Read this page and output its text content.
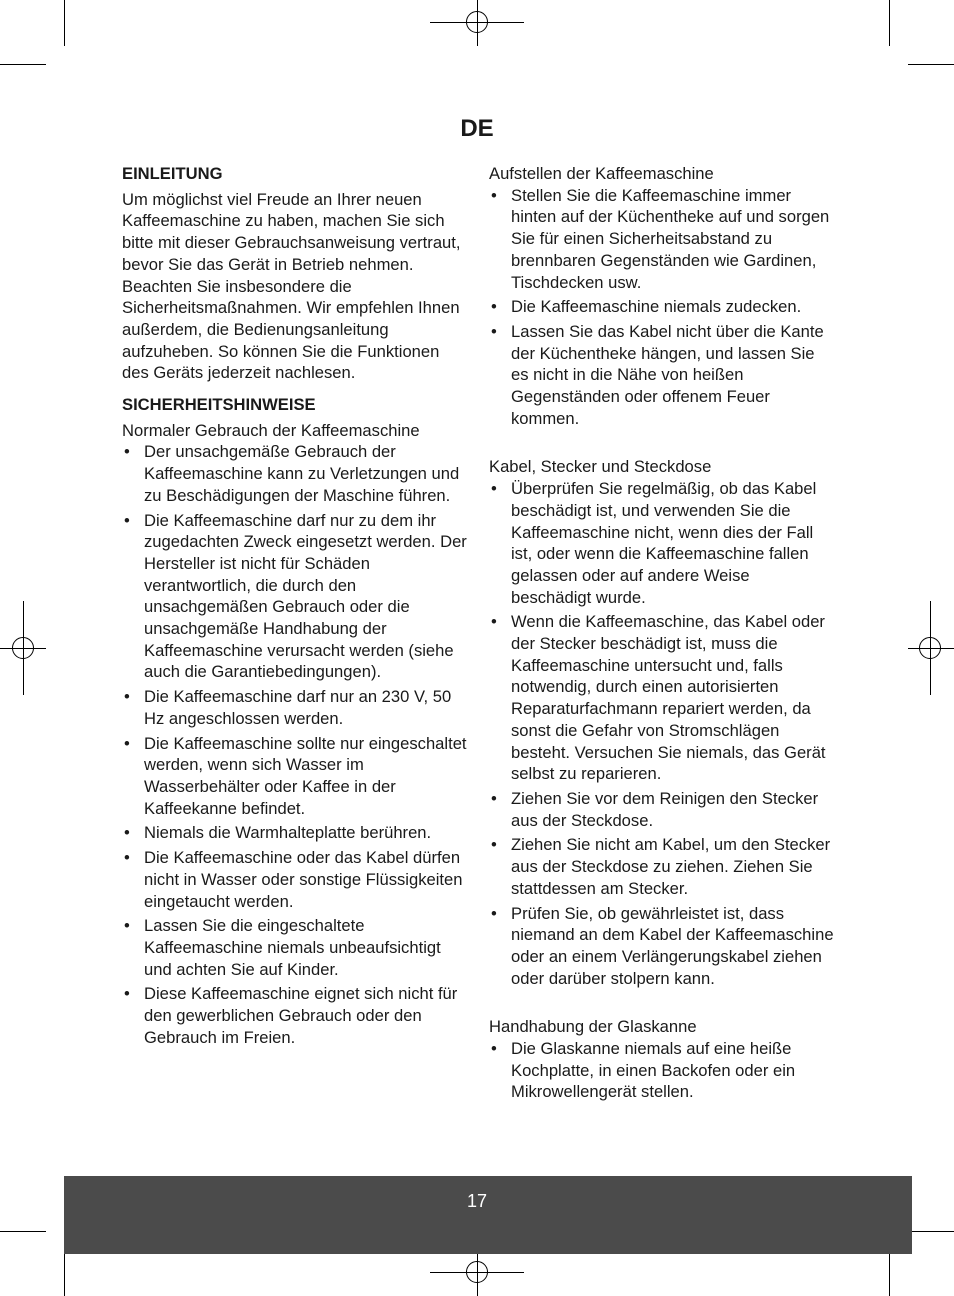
DE
EINLEITUNG

Um möglichst viel Freude an Ihrer neuen Kaffeemaschine zu haben, machen Sie sich bitte mit dieser Gebrauchsanweisung vertraut, bevor Sie das Gerät in Betrieb nehmen. Beachten Sie insbesondere die Sicherheitsmaßnahmen. Wir empfehlen Ihnen außerdem, die Bedienungsanleitung aufzuheben. So können Sie die Funktionen des Geräts jederzeit nachlesen.

SICHERHEITSHINWEISE
Normaler Gebrauch der Kaffeemaschine
• Der unsachgemäße Gebrauch der Kaffeemaschine kann zu Verletzungen und zu Beschädigungen der Maschine führen.
• Die Kaffeemaschine darf nur zu dem ihr zugedachten Zweck eingesetzt werden. Der Hersteller ist nicht für Schäden verantwortlich, die durch den unsachgemäßen Gebrauch oder die unsachgemäße Handhabung der Kaffeemaschine verursacht werden (siehe auch die Garantiebedingungen).
• Die Kaffeemaschine darf nur an 230 V, 50 Hz angeschlossen werden.
• Die Kaffeemaschine sollte nur eingeschaltet werden, wenn sich Wasser im Wasserbehälter oder Kaffee in der Kaffeekanne befindet.
• Niemals die Warmhalteplatte berühren.
• Die Kaffeemaschine oder das Kabel dürfen nicht in Wasser oder sonstige Flüssigkeiten eingetaucht werden.
• Lassen Sie die eingeschaltete Kaffeemaschine niemals unbeaufsichtigt und achten Sie auf Kinder.
• Diese Kaffeemaschine eignet sich nicht für den gewerblichen Gebrauch oder den Gebrauch im Freien.
Aufstellen der Kaffeemaschine
• Stellen Sie die Kaffeemaschine immer hinten auf der Küchentheke auf und sorgen Sie für einen Sicherheitsabstand zu brennbaren Gegenständen wie Gardinen, Tischdecken usw.
• Die Kaffeemaschine niemals zudecken.
• Lassen Sie das Kabel nicht über die Kante der Küchentheke hängen, und lassen Sie es nicht in die Nähe von heißen Gegenständen oder offenem Feuer kommen.
Kabel, Stecker und Steckdose
• Überprüfen Sie regelmäßig, ob das Kabel beschädigt ist, und verwenden Sie die Kaffeemaschine nicht, wenn dies der Fall ist, oder wenn die Kaffeemaschine fallen gelassen oder auf andere Weise beschädigt wurde.
• Wenn die Kaffeemaschine, das Kabel oder der Stecker beschädigt ist, muss die Kaffeemaschine untersucht und, falls notwendig, durch einen autorisierten Reparaturfachmann repariert werden, da sonst die Gefahr von Stromschlägen besteht. Versuchen Sie niemals, das Gerät selbst zu reparieren.
• Ziehen Sie vor dem Reinigen den Stecker aus der Steckdose.
• Ziehen Sie nicht am Kabel, um den Stecker aus der Steckdose zu ziehen. Ziehen Sie stattdessen am Stecker.
• Prüfen Sie, ob gewährleistet ist, dass niemand an dem Kabel der Kaffeemaschine oder an einem Verlängerungskabel ziehen oder darüber stolpern kann.
Handhabung der Glaskanne
• Die Glaskanne niemals auf eine heiße Kochplatte, in einen Backofen oder ein Mikrowellengerät stellen.
17
